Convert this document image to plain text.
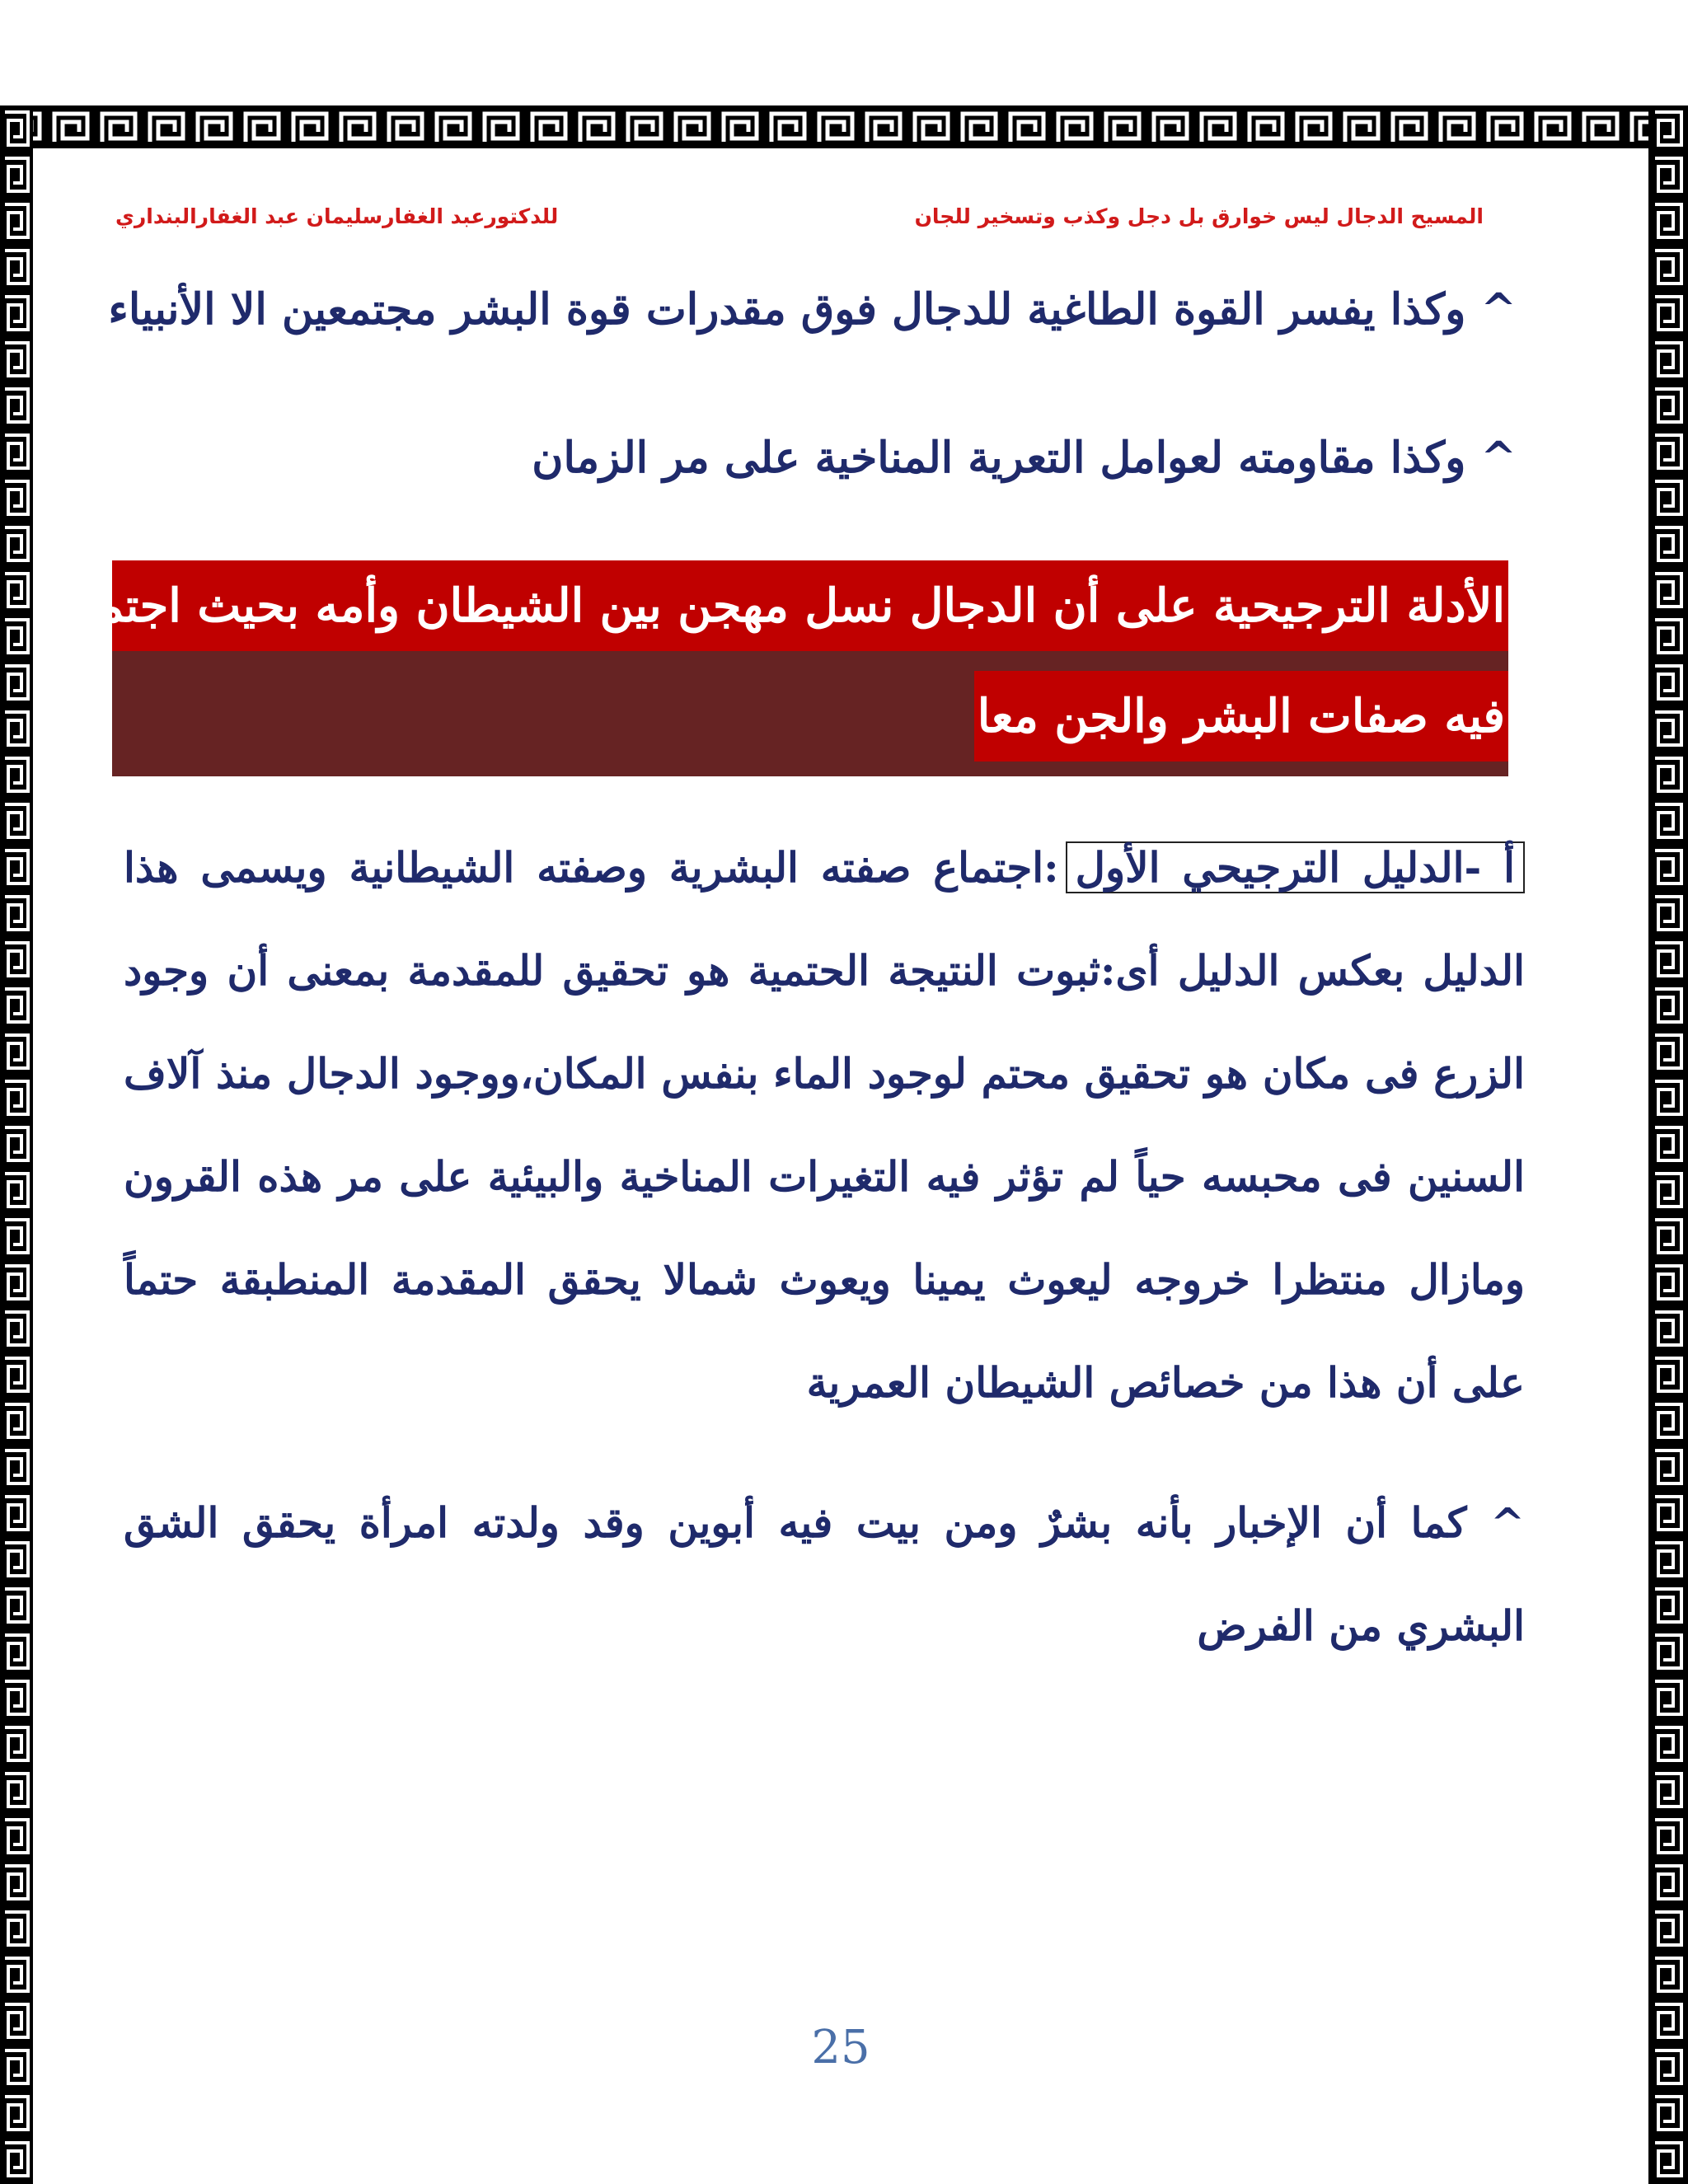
المسيح الدجال ليس خوارق بل دجل وكذب وتسخير للجان
للدكتورعبد الغفارسليمان عبد الغفارالبنداري
^ وكذا يفسر القوة الطاغية للدجال فوق مقدرات قوة البشر مجتمعين الا الأنبياء
^ وكذا مقاومته لعوامل التعرية المناخية على مر الزمان
الأدلة الترجيحية على أن الدجال نسل مهجن بين الشيطان وأمه بحيث اجتمعت
فيه صفات البشر والجن معا
أ -الدليل الترجيحي الأول:اجتماع صفته البشرية وصفته الشيطانية ويسمى هذا الدليل بعكس الدليل أى:ثبوت النتيجة الحتمية هو تحقيق للمقدمة بمعنى أن وجود الزرع فى مكان هو تحقيق محتم لوجود الماء بنفس المكان،ووجود الدجال منذ آلاف السنين فى محبسه حياً لم تؤثر فيه التغيرات المناخية والبيئية على مر هذه القرون ومازال منتظرا خروجه ليعوث يمينا ويعوث شمالا يحقق المقدمة المنطبقة حتماً على أن هذا من خصائص الشيطان العمرية
^ كما أن الإخبار بأنه بشرٌ ومن بيت فيه أبوين وقد ولدته امرأة يحقق الشق البشري من الفرض
25
